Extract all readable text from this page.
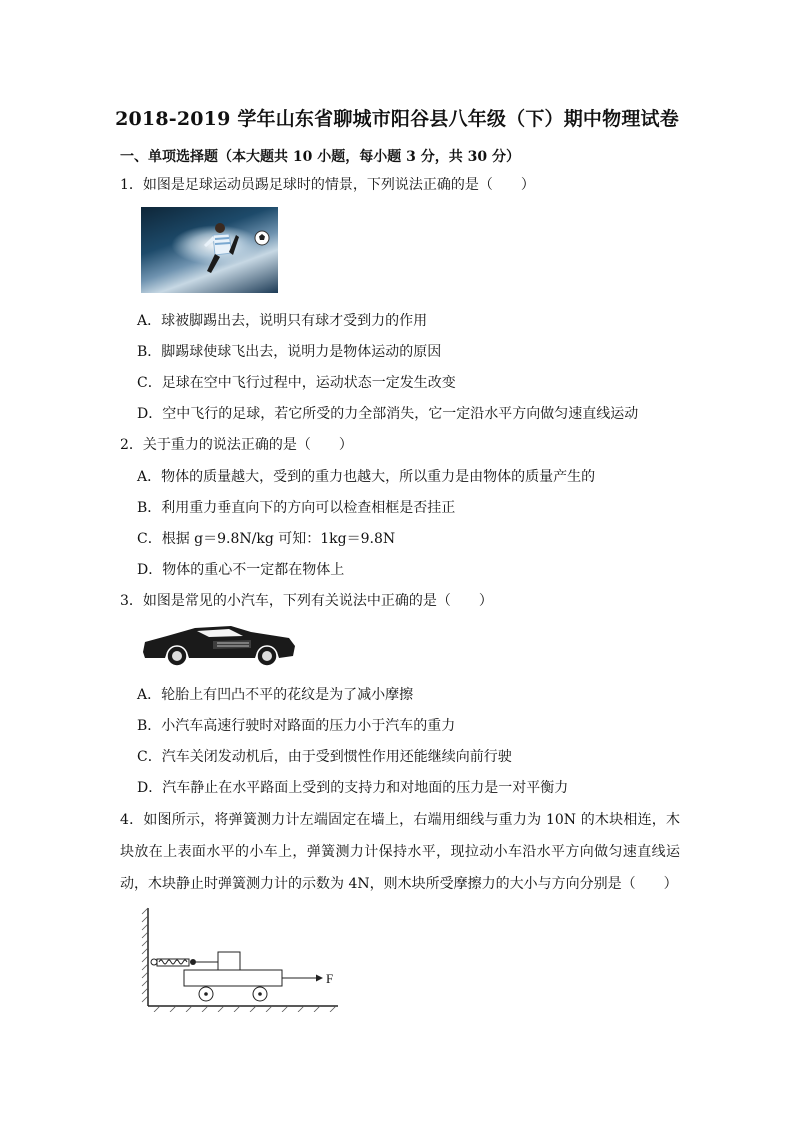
2018-2019 学年山东省聊城市阳谷县八年级（下）期中物理试卷
一、单项选择题（本大题共 10 小题，每小题 3 分，共 30 分）
1．如图是足球运动员踢足球时的情景，下列说法正确的是（　　）
A．球被脚踢出去，说明只有球才受到力的作用
B．脚踢球使球飞出去，说明力是物体运动的原因
C．足球在空中飞行过程中，运动状态一定发生改变
D．空中飞行的足球，若它所受的力全部消失，它一定沿水平方向做匀速直线运动
2．关于重力的说法正确的是（　　）
A．物体的质量越大，受到的重力也越大，所以重力是由物体的质量产生的
B．利用重力垂直向下的方向可以检查相框是否挂正
C．根据 g＝9.8N/kg 可知：1kg＝9.8N
D．物体的重心不一定都在物体上
3．如图是常见的小汽车，下列有关说法中正确的是（　　）
A．轮胎上有凹凸不平的花纹是为了减小摩擦
B．小汽车高速行驶时对路面的压力小于汽车的重力
C．汽车关闭发动机后，由于受到惯性作用还能继续向前行驶
D．汽车静止在水平路面上受到的支持力和对地面的压力是一对平衡力
4．如图所示，将弹簧测力计左端固定在墙上，右端用细线与重力为 10N 的木块相连，木块放在上表面水平的小车上，弹簧测力计保持水平，现拉动小车沿水平方向做匀速直线运动，木块静止时弹簧测力计的示数为 4N，则木块所受摩擦力的大小与方向分别是（　　）
F
